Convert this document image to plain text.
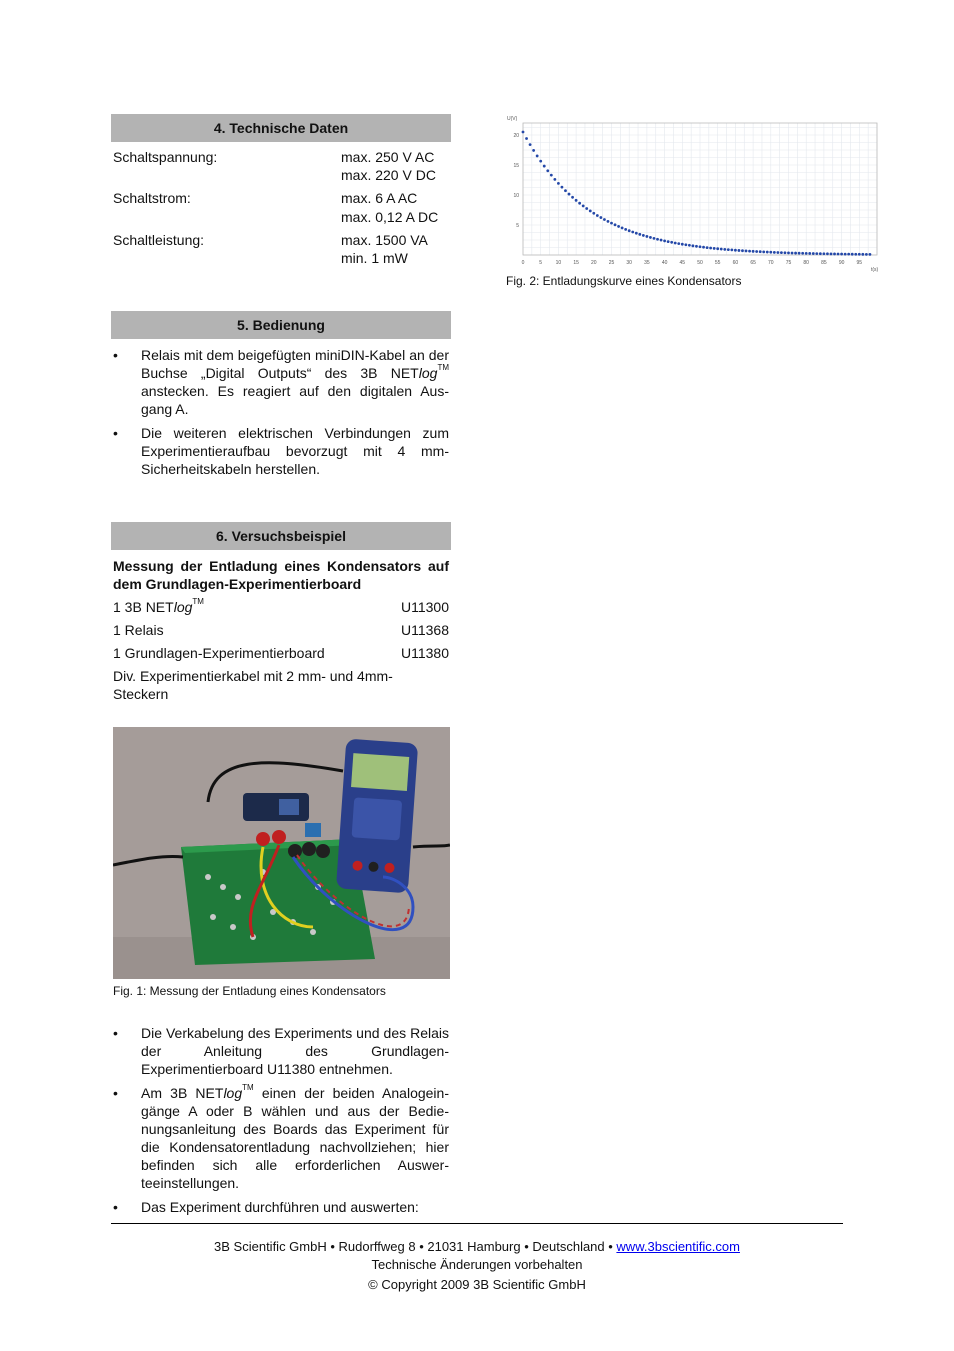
4. Technische Daten
Schaltspannung:	max. 250 V AC
max. 220 V DC
Schaltstrom:	max. 6 A AC
max. 0,12 A DC
Schaltleistung:	max. 1500 VA
min. 1 mW
5. Bedienung
• Relais mit dem beigefügten miniDIN-Kabel an der Buchse „Digital Outputs“ des 3B NETlog™ anstecken. Es reagiert auf den digitalen Aus-gang A.
• Die weiteren elektrischen Verbindungen zum Experimentieraufbau bevorzugt mit 4 mm-Sicherheitskabeln herstellen.
6. Versuchsbeispiel
Messung der Entladung eines Kondensators auf dem Grundlagen-Experimentierboard
1 3B NETlog™	U11300
1 Relais	U11368
1 Grundlagen-Experimentierboard	U11380
Div. Experimentierkabel mit 2 mm- und 4mm-Steckern
Fig. 1: Messung der Entladung eines Kondensators
• Die Verkabelung des Experiments und des Relais der Anleitung des Grundlagen-Experimentierboard U11380 entnehmen.
• Am 3B NETlog™ einen der beiden Analogein-gänge A oder B wählen und aus der Bedie-nungsanleitung des Boards das Experiment für die Kondensatorentladung nachvollziehen; hier befinden sich alle erforderlichen Auswer-teeinstellungen.
• Das Experiment durchführen und auswerten:
0	5	10 15 20 25 30 35 40 45 50 55 60 65 70 75 80 85 90 95
5
10
15
20
U(V)
t(s)
Fig. 2: Entladungskurve eines Kondensators
3B Scientific GmbH • Rudorffweg 8 • 21031 Hamburg • Deutschland • www.3bscientific.com
Technische Änderungen vorbehalten
© Copyright 2009 3B Scientific GmbH
